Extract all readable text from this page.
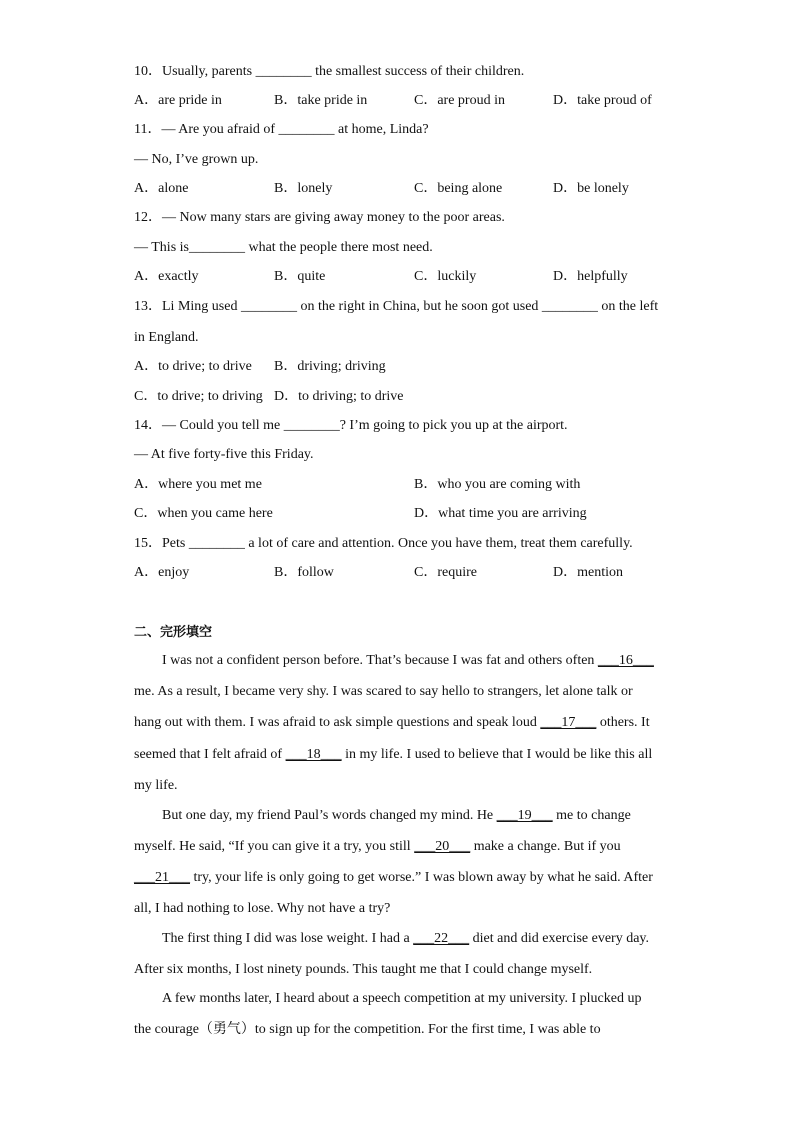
10．Usually, parents ________ the smallest success of their children.
A．are pride in	B．take pride in	C．are proud in	D．take proud of
11．— Are you afraid of ________ at home, Linda?
— No, I’ve grown up.
A．alone	B．lonely	C．being alone	D．be lonely
12．— Now many stars are giving away money to the poor areas.
— This is________ what the people there most need.
A．exactly	B．quite	C．luckily	D．helpfully
13．Li Ming used ________ on the right in China, but he soon got used ________ on the left
in England.
A．to drive; to drive B．driving; driving
C．to drive; to driving D．to driving; to drive
14．— Could you tell me ________? I’m going to pick you up at the airport.
— At five forty-five this Friday.
A．where you met me	B．who you are coming with
C．when you came here	D．what time you are arriving
15．Pets ________ a lot of care and attention. Once you have them, treat them carefully.
A．enjoy	B．follow	C．require	D．mention
二、完形填空
I was not a confident person before. That’s because I was fat and others often ___16___
me. As a result, I became very shy. I was scared to say hello to strangers, let alone talk or
hang out with them. I was afraid to ask simple questions and speak loud ___17___ others. It
seemed that I felt afraid of ___18___ in my life. I used to believe that I would be like this all
my life.
But one day, my friend Paul’s words changed my mind. He ___19___ me to change
myself. He said, “If you can give it a try, you still ___20___ make a change. But if you
___21___ try, your life is only going to get worse.” I was blown away by what he said. After
all, I had nothing to lose. Why not have a try?
The first thing I did was lose weight. I had a ___22___ diet and did exercise every day.
After six months, I lost ninety pounds. This taught me that I could change myself.
A few months later, I heard about a speech competition at my university. I plucked up
the courage（勇气）to sign up for the competition. For the first time, I was able to
